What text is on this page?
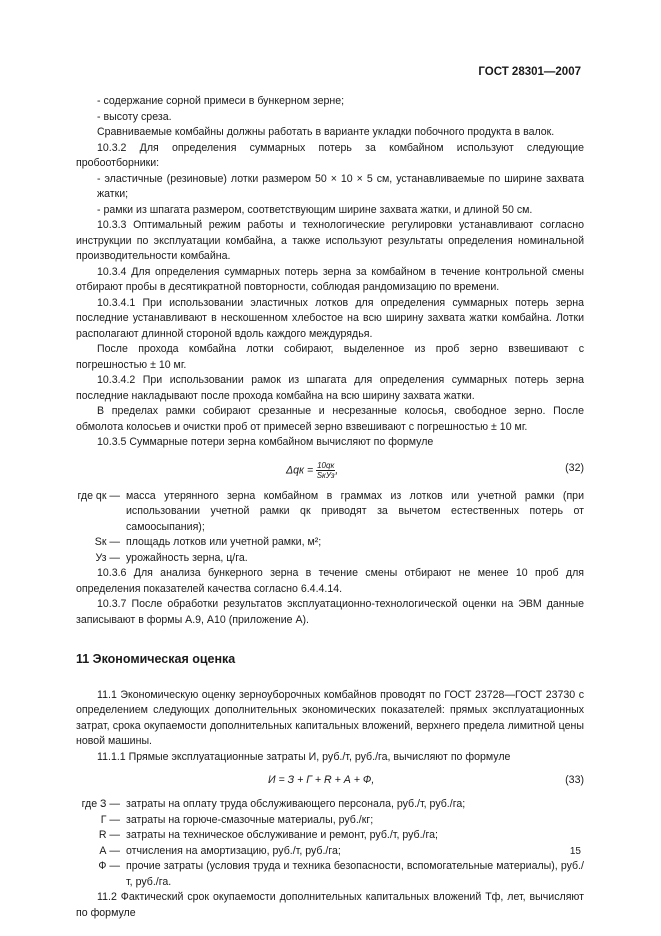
ГОСТ 28301—2007

- содержание сорной примеси в бункерном зерне;

- высоту среза.

Сравниваемые комбайны должны работать в варианте укладки побочного продукта в валок.

10.3.2 Для определения суммарных потерь за комбайном используют следующие пробоотборники:

- эластичные (резиновые) лотки размером 50 × 10 × 5 см, устанавливаемые по ширине захвата жатки;

- рамки из шпагата размером, соответствующим ширине захвата жатки, и длиной 50 см.

10.3.3 Оптимальный режим работы и технологические регулировки устанавливают согласно инструкции по эксплуатации комбайна, а также используют результаты определения номинальной производительности комбайна.

10.3.4 Для определения суммарных потерь зерна за комбайном в течение контрольной смены отбирают пробы в десятикратной повторности, соблюдая рандомизацию по времени.

10.3.4.1 При использовании эластичных лотков для определения суммарных потерь зерна последние устанавливают в нескошенном хлебостое на всю ширину захвата жатки комбайна. Лотки располагают длинной стороной вдоль каждого междурядья.

После прохода комбайна лотки собирают, выделенное из проб зерно взвешивают с погрешностью ± 10 мг.

10.3.4.2 При использовании рамок из шпагата для определения суммарных потерь зерна последние накладывают после прохода комбайна на всю ширину захвата жатки.

В пределах рамки собирают срезанные и несрезанные колосья, свободное зерно. После обмолота колосьев и очистки проб от примесей зерно взвешивают с погрешностью ± 10 мг.

10.3.5 Суммарные потери зерна комбайном вычисляют по формуле

$\Delta qк = \frac{10qк}{\text{SкУз}}$ ,	(32)
где qк — масса утерянного зерна комбайном в граммах из лотков или учетной рамки (при использовании учетной рамки qк приводят за вычетом естественных потерь от самоосыпания);
Sк — площадь лотков или учетной рамки, м²;
Уз — урожайность зерна, ц/га.

10.3.6 Для анализа бункерного зерна в течение смены отбирают не менее 10 проб для определения показателей качества согласно 6.4.4.14.

10.3.7 После обработки результатов эксплуатационно-технологической оценки на ЭВМ данные записывают в формы А.9, А10 (приложение А).

11 Экономическая оценка

11.1 Экономическую оценку зерноуборочных комбайнов проводят по ГОСТ 23728—ГОСТ 23730 с определением следующих дополнительных экономических показателей: прямых эксплуатационных затрат, срока окупаемости дополнительных капитальных вложений, верхнего предела лимитной цены новой машины.

11.1.1 Прямые эксплуатационные затраты И, руб./т, руб./га, вычисляют по формуле

И = З + Г + R + А + Ф,	(33)
где З — затраты на оплату труда обслуживающего персонала, руб./т, руб./га;
Г — затраты на горюче-смазочные материалы, руб./кг;
R — затраты на техническое обслуживание и ремонт, руб./т, руб./га;
А — отчисления на амортизацию, руб./т, руб./га;
Ф — прочие затраты (условия труда и техника безопасности, вспомогательные материалы), руб./т, руб./га.

11.2 Фактический срок окупаемости дополнительных капитальных вложений Тф, лет, вычисляют по формуле

15
